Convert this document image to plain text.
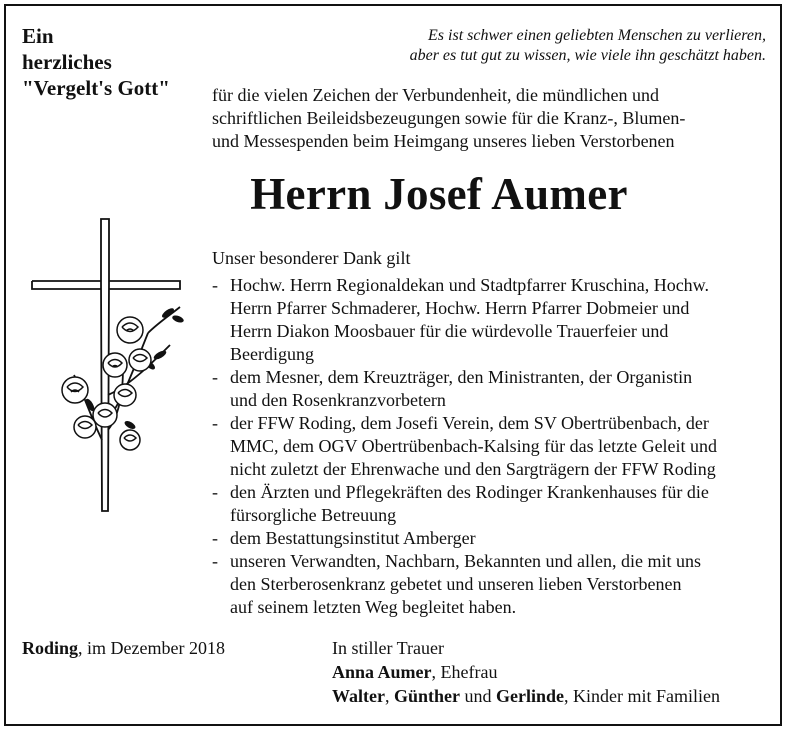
Ein
herzliches
"Vergelt's Gott"
Es ist schwer einen geliebten Menschen zu verlieren,
aber es tut gut zu wissen, wie viele ihn geschätzt haben.
für die vielen Zeichen der Verbundenheit, die mündlichen und
schriftlichen Beileidsbezeugungen sowie für die Kranz-, Blumen-
und Messespenden beim Heimgang unseres lieben Verstorbenen
Herrn Josef Aumer
Unser besonderer Dank gilt
- Hochw. Herrn Regionaldekan und Stadtpfarrer Kruschina, Hochw.
Herrn Pfarrer Schmaderer, Hochw. Herrn Pfarrer Dobmeier und
Herrn Diakon Moosbauer für die würdevolle Trauerfeier und
Beerdigung
- dem Mesner, dem Kreuzträger, den Ministranten, der Organistin
und den Rosenkranzvorbetern
- der FFW Roding, dem Josefi Verein, dem SV Obertrübenbach, der
MMC, dem OGV Obertrübenbach-Kalsing für das letzte Geleit und
nicht zuletzt der Ehrenwache und den Sargträgern der FFW Roding
- den Ärzten und Pflegekräften des Rodinger Krankenhauses für die
fürsorgliche Betreuung
- dem Bestattungsinstitut Amberger
- unseren Verwandten, Nachbarn, Bekannten und allen, die mit uns
den Sterberosenkranz gebetet und unseren lieben Verstorbenen
auf seinem letzten Weg begleitet haben.
Roding, im Dezember 2018	In stiller Trauer
Anna Aumer, Ehefrau
Walter, Günther und Gerlinde, Kinder mit Familien
